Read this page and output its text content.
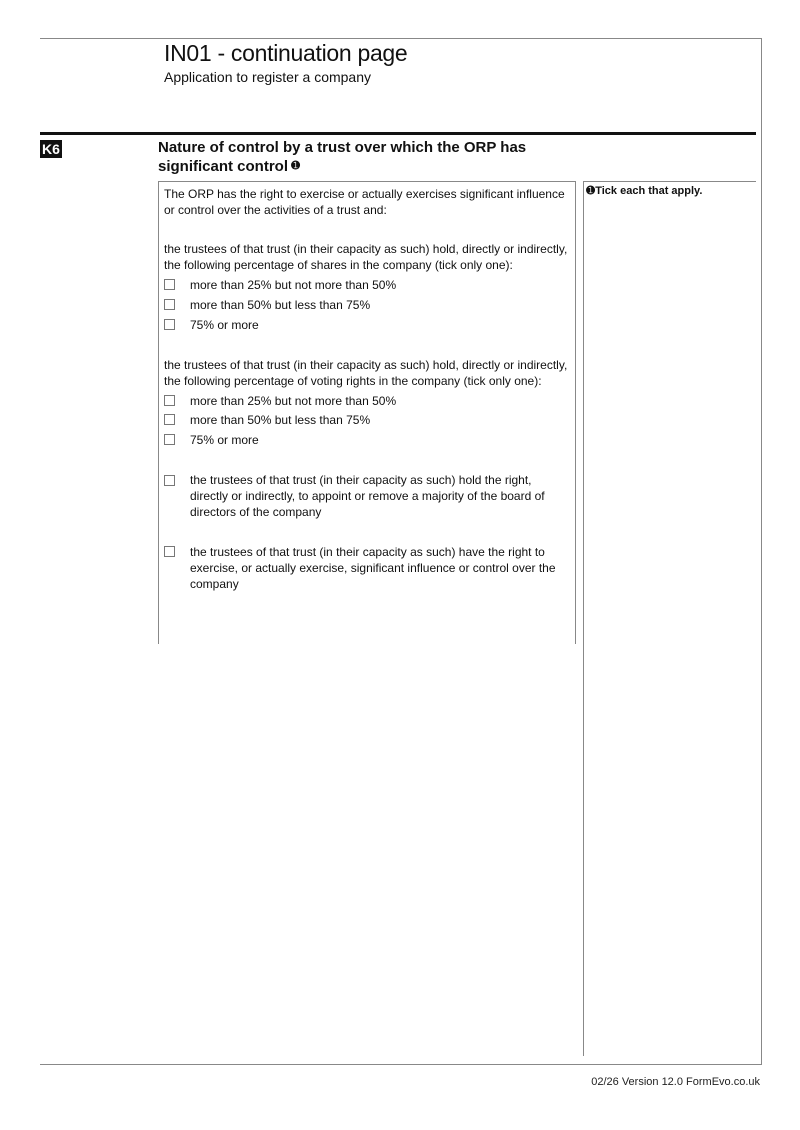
IN01 - continuation page
Application to register a company
K6	Nature of control by a trust over which the ORP has significant control ➊
The ORP has the right to exercise or actually exercises significant influence or control over the activities of a trust and:
the trustees of that trust (in their capacity as such) hold, directly or indirectly, the following percentage of shares in the company (tick only one):
more than 25% but not more than 50%
more than 50% but less than 75%
75% or more
the trustees of that trust (in their capacity as such) hold, directly or indirectly, the following percentage of voting rights in the company (tick only one):
more than 25% but not more than 50%
more than 50% but less than 75%
75% or more
the trustees of that trust (in their capacity as such) hold the right, directly or indirectly, to appoint or remove a majority of the board of directors of the company
the trustees of that trust (in their capacity as such) have the right to exercise, or actually exercise, significant influence or control over the company
➊Tick each that apply.
02/26 Version 12.0 FormEvo.co.uk
